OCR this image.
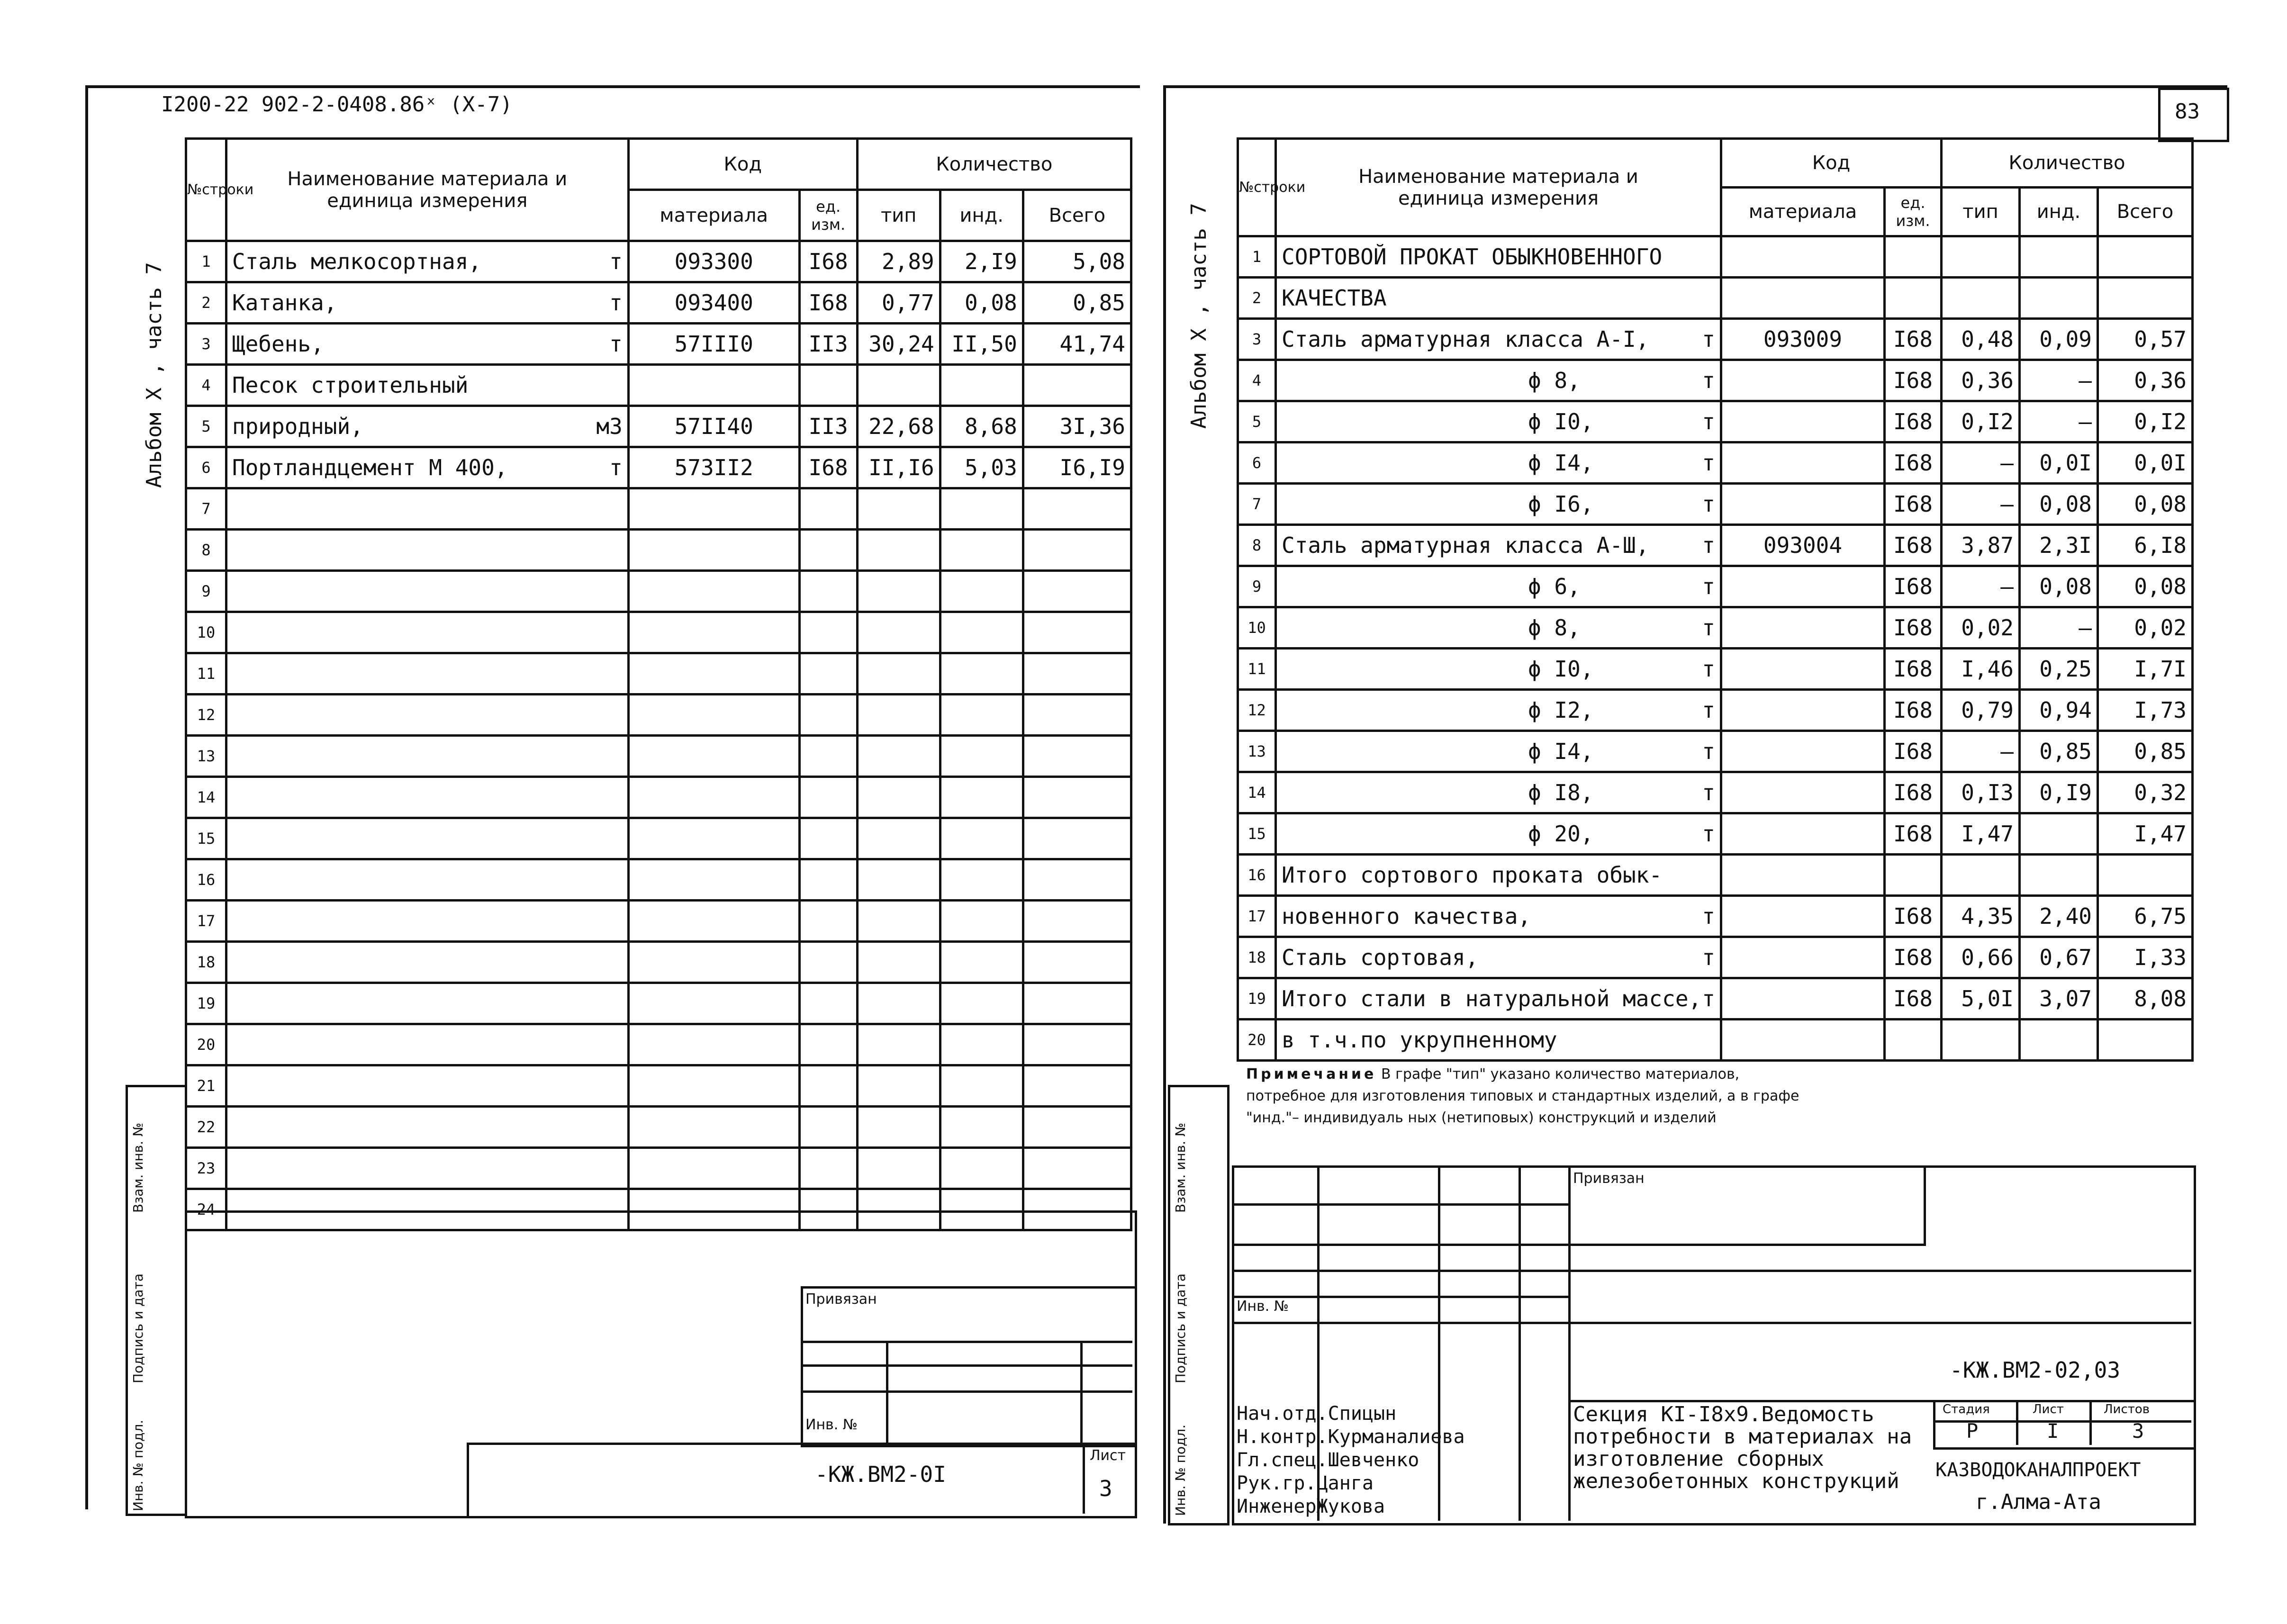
I200-22 902-2-0408.86ˣ (X-7)
Альбом X , часть 7
Взам. инв. №
Подпись и дата
Инв. № подл.
№строки	Наименование материала и единица измерения	Код		Количество		
		материала	ед. изм.	тип	инд.	Всего
1	Сталь мелкосортная, т	093300	I68	2,89	2,I9	5,08
2	Катанка, т	093400	I68	0,77	0,08	0,85
3	Щебень, т	57III0	II3	30,24	II,50	41,74
4	Песок строительный

5	природный, м3	57II40	II3	22,68	8,68	3I,36
6	Портландцемент М 400, т	573II2	I68	II,I6	5,03	I6,I9
7	

8	

9	

10	

11	

12	

13	

14	

15	

16	

17	

18	

19	

20	

21	

22	

23	

24	

Привязан
Инв. №
-КЖ.ВМ2-0I
Лист
3
83
Альбом X , часть 7
Взам. инв. №
Подпись и дата
Инв. № подл.
№строки	Наименование материала и единица измерения	Код		Количество		
		материала	ед. изм.	тип	инд.	Всего
1	СОРТОВОЙ ПРОКАТ ОБЫКНОВЕННОГО

2	КАЧЕСТВА

3	Сталь арматурная класса А-I, т	093009	I68	0,48	0,09	0,57
4	ϕ 8, т		I68	0,36	–	0,36
5	ϕ I0, т		I68	0,I2	–	0,I2
6	ϕ I4, т		I68	–	0,0I	0,0I
7	ϕ I6, т		I68	–	0,08	0,08
8	Сталь арматурная класса А-Ш, т	093004	I68	3,87	2,3I	6,I8
9	ϕ 6, т		I68	–	0,08	0,08
10	ϕ 8, т		I68	0,02	–	0,02
11	ϕ I0, т		I68	I,46	0,25	I,7I
12	ϕ I2, т		I68	0,79	0,94	I,73
13	ϕ I4, т		I68	–	0,85	0,85
14	ϕ I8, т		I68	0,I3	0,I9	0,32
15	ϕ 20, т		I68	I,47		I,47
16	Итого сортового проката обык-

17	новенного качества, т		I68	4,35	2,40	6,75
18	Сталь сортовая, т		I68	0,66	0,67	I,33
19	Итого стали в натуральной массе, т		I68	5,0I	3,07	8,08
20	в т.ч.по укрупненному

Примечание В графе "тип" указано количество материалов, потребное для изготовления типовых и стандартных изделий, а в графе "инд."– индивидуаль ных (нетиповых) конструкций и изделий
Привязан
Инв. №
-КЖ.ВМ2-02,03
Нач.отд.Спицын
Н.контр.Курманалиева
Гл.спец.Шевченко
Рук.гр.Цанга
ИнженерЖукова
Секция КI-I8х9.Ведомость потребности в материалах на изготовление сборных железобетонных конструкций
Стадия	Лист	Листов
Р	I	3
КАЗВОДОКАНАЛПРОЕКТ
г.Алма-Ата
